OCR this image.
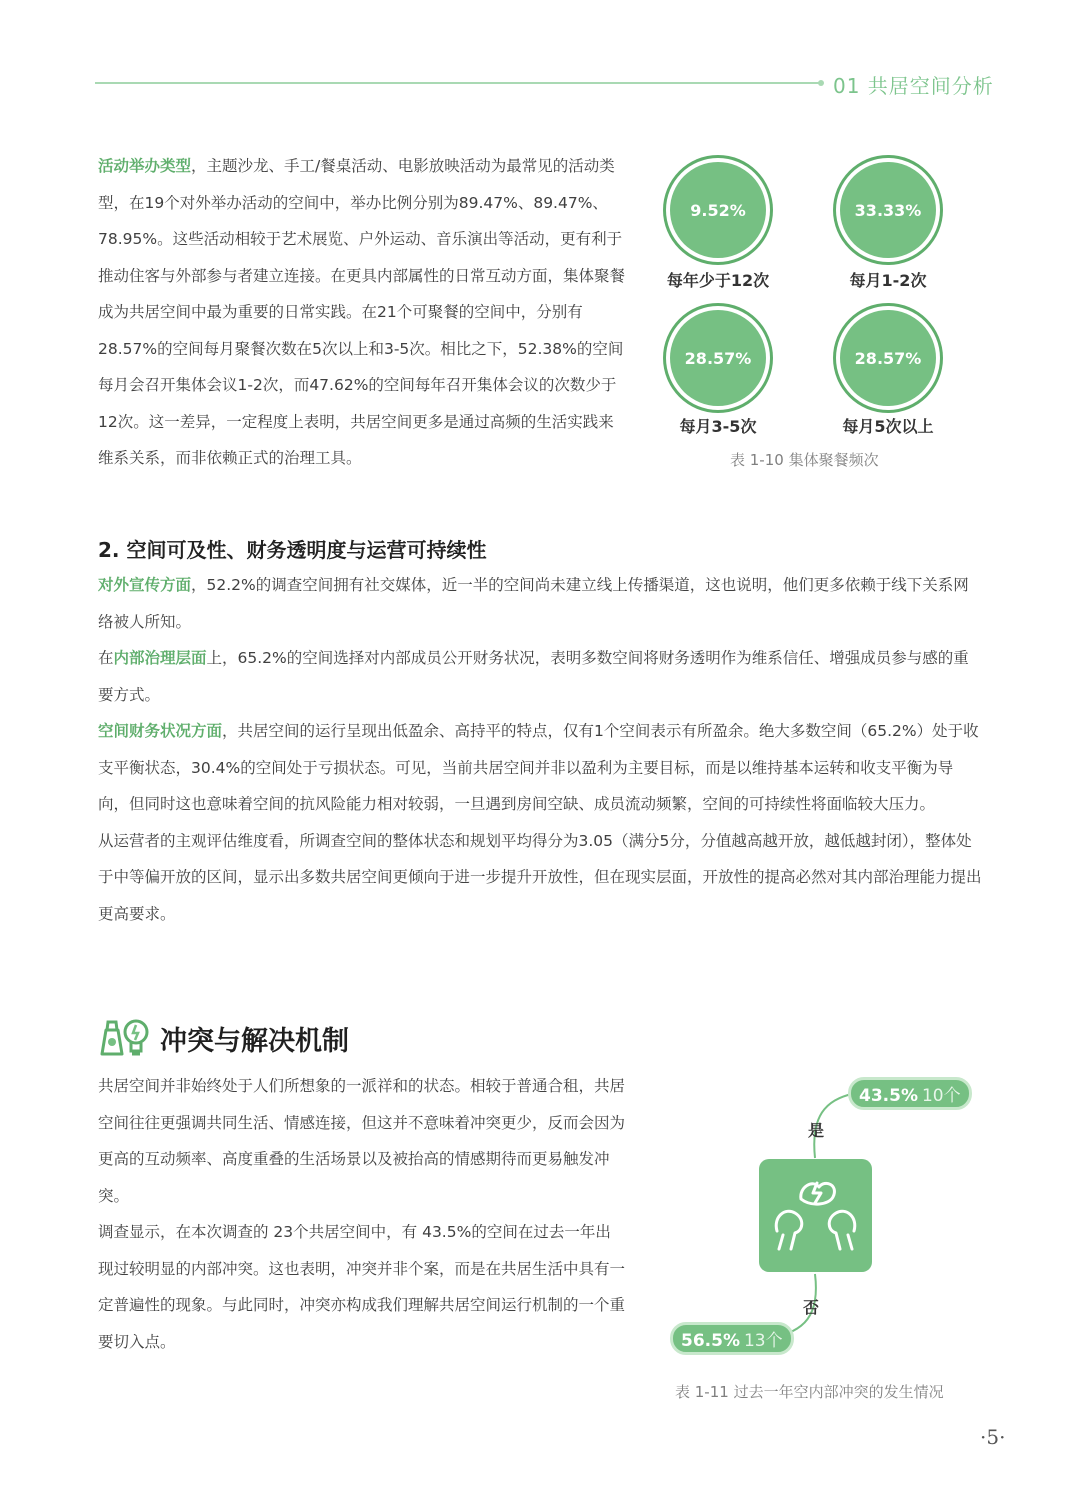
01 共居空间分析

活动举办类型，主题沙龙、手工/餐桌活动、电影放映活动为最常见的活动类型，在19个对外举办活动的空间中，举办比例分别为89.47%、89.47%、78.95%。这些活动相较于艺术展览、户外运动、音乐演出等活动，更有利于推动住客与外部参与者建立连接。在更具内部属性的日常互动方面，集体聚餐成为共居空间中最为重要的日常实践。在21个可聚餐的空间中，分别有28.57%的空间每月聚餐次数在5次以上和3-5次。相比之下，52.38%的空间每月会召开集体会议1-2次，而47.62%的空间每年召开集体会议的次数少于12次。这一差异，一定程度上表明，共居空间更多是通过高频的生活实践来维系关系，而非依赖正式的治理工具。

9.52%	33.33%
28.57%	28.57%
每年少于12次	每月1-2次
每月3-5次	每月5次以上
表 1-10 集体聚餐频次
2. 空间可及性、财务透明度与运营可持续性

对外宣传方面，52.2%的调查空间拥有社交媒体，近一半的空间尚未建立线上传播渠道，这也说明，他们更多依赖于线下关系网络被人所知。

在内部治理层面上，65.2%的空间选择对内部成员公开财务状况，表明多数空间将财务透明作为维系信任、增强成员参与感的重要方式。

空间财务状况方面，共居空间的运行呈现出低盈余、高持平的特点，仅有1个空间表示有所盈余。绝大多数空间（65.2%）处于收支平衡状态，30.4%的空间处于亏损状态。可见，当前共居空间并非以盈利为主要目标，而是以维持基本运转和收支平衡为导向，但同时这也意味着空间的抗风险能力相对较弱，一旦遇到房间空缺、成员流动频繁，空间的可持续性将面临较大压力。

从运营者的主观评估维度看，所调查空间的整体状态和规划平均得分为3.05（满分5分，分值越高越开放，越低越封闭），整体处于中等偏开放的区间，显示出多数共居空间更倾向于进一步提升开放性，但在现实层面，开放性的提高必然对其内部治理能力提出更高要求。

冲突与解决机制

共居空间并非始终处于人们所想象的一派祥和的状态。相较于普通合租，共居空间往往更强调共同生活、情感连接，但这并不意味着冲突更少，反而会因为更高的互动频率、高度重叠的生活场景以及被抬高的情感期待而更易触发冲突。

调查显示，在本次调查的 23个共居空间中，有 43.5%的空间在过去一年出现过较明显的内部冲突。这也表明，冲突并非个案，而是在共居生活中具有一定普遍性的现象。与此同时，冲突亦构成我们理解共居空间运行机制的一个重要切入点。

43.5% 10个
是
否
56.5% 13个
表 1-11 过去一年空内部冲突的发生情况
·5·
